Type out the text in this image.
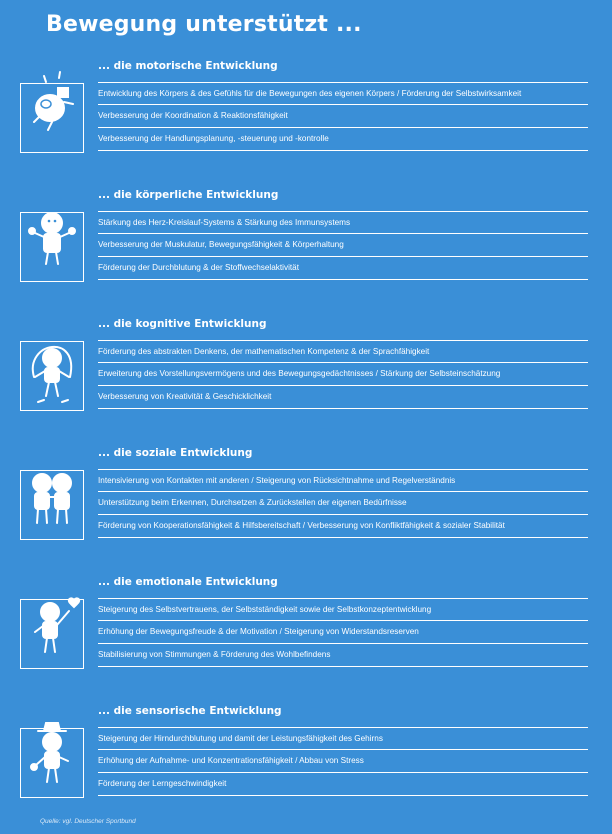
Bewegung unterstützt ...
... die motorische Entwicklung
Entwicklung des Körpers & des Gefühls für die Bewegungen des eigenen Körpers / Förderung der Selbstwirksamkeit
Verbesserung der Koordination & Reaktionsfähigkeit
Verbesserung der Handlungsplanung, -steuerung und -kontrolle
... die körperliche Entwicklung
Stärkung des Herz-Kreislauf-Systems & Stärkung des Immunsystems
Verbesserung der Muskulatur, Bewegungsfähigkeit & Körperhaltung
Förderung der Durchblutung & der Stoffwechselaktivität
... die kognitive Entwicklung
Förderung des abstrakten Denkens, der mathematischen Kompetenz & der Sprachfähigkeit
Erweiterung des Vorstellungsvermögens und des Bewegungsgedächtnisses / Stärkung der Selbsteinschätzung
Verbesserung von Kreativität & Geschicklichkeit
... die soziale Entwicklung
Intensivierung von Kontakten mit anderen / Steigerung von Rücksichtnahme und Regelverständnis
Unterstützung beim Erkennen, Durchsetzen & Zurückstellen der eigenen Bedürfnisse
Förderung von Kooperationsfähigkeit & Hilfsbereitschaft / Verbesserung von Konfliktfähigkeit & sozialer Stabilität
... die emotionale Entwicklung
Steigerung des Selbstvertrauens, der Selbstständigkeit sowie der Selbstkonzeptentwicklung
Erhöhung der Bewegungsfreude & der Motivation / Steigerung von Widerstandsreserven
Stabilisierung von Stimmungen & Förderung des Wohlbefindens
... die sensorische Entwicklung
Steigerung der Hirndurchblutung und damit der Leistungsfähigkeit des Gehirns
Erhöhung der Aufnahme- und Konzentrationsfähigkeit / Abbau von Stress
Förderung der Lerngeschwindigkeit
Quelle: vgl. Deutscher Sportbund
